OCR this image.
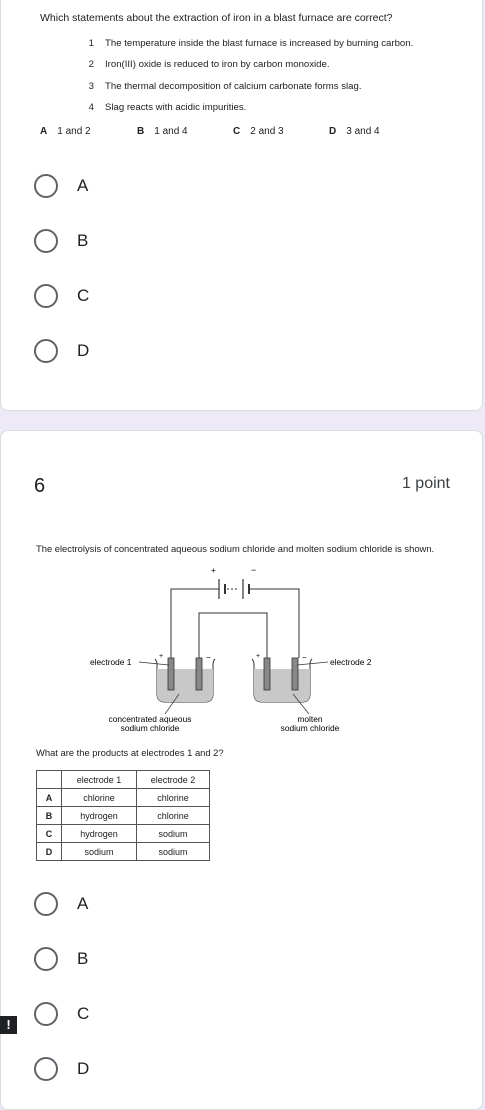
Which statements about the extraction of iron in a blast furnace are correct?
1 The temperature inside the blast furnace is increased by burning carbon.
2 Iron(III) oxide is reduced to iron by carbon monoxide.
3 The thermal decomposition of calcium carbonate forms slag.
4 Slag reacts with acidic impurities.
A 1 and 2	B 1 and 4	C 2 and 3	D 3 and 4
A
B
C
D
6	1 point
The electrolysis of concentrated aqueous sodium chloride and molten sodium chloride is shown.
+	−
+	−	+	−
electrode 1	electrode 2
concentrated aqueous
sodium chloride
molten
sodium chloride
What are the products at electrodes 1 and 2?
	electrode 1	electrode 2
A	chlorine	chlorine
B	hydrogen	chlorine
C	hydrogen	sodium
D	sodium	sodium
A
B
C
D
!
